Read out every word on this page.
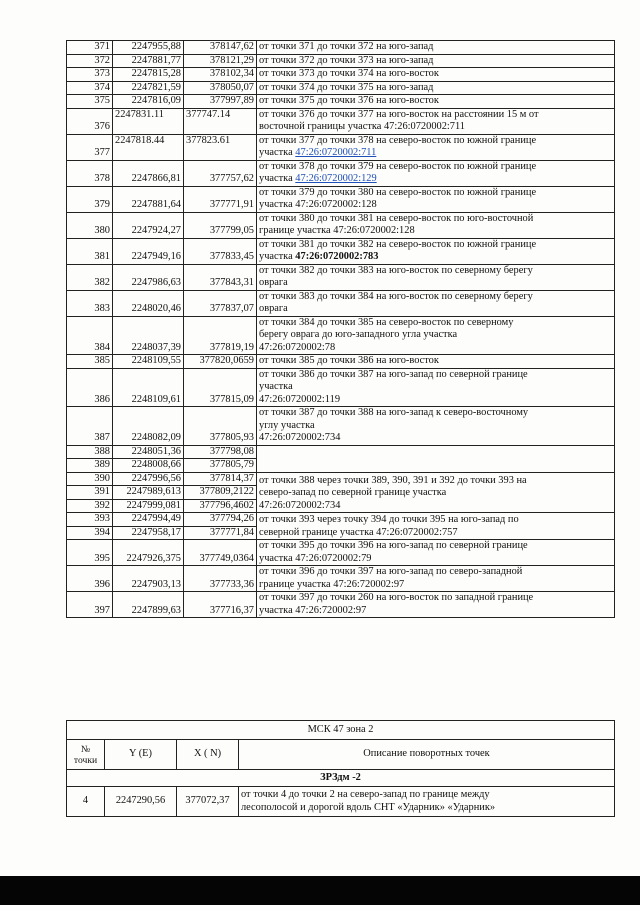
371	2247955,88	378147,62	от точки 371 до точки 372 на юго-запад
372	2247881,77	378121,29	от точки 372 до точки 373 на юго-запад
373	2247815,28	378102,34	от точки 373 до точки 374 на юго-восток
374	2247821,59	378050,07	от точки 374 до точки 375 на юго-запад
375	2247816,09	377997,89	от точки 375 до точки 376 на юго-восток
376	2247831.11	377747.14	от точки 376 до точки 377 на юго-восток на расстоянии 15 м от
восточной границы участка 47:26:0720002:711
377	2247818.44	377823.61	от точки 377 до точки 378 на северо-восток по южной границе
участка 47:26:0720002:711
378	2247866,81	377757,62	от точки 378 до точки 379 на северо-восток по южной границе
участка 47:26:0720002:129
379	2247881,64	377771,91	от точки 379 до точки 380 на северо-восток по южной границе
участка 47:26:0720002:128
380	2247924,27	377799,05	от точки 380 до точки 381 на северо-восток по юго-восточной
границе участка 47:26:0720002:128
381	2247949,16	377833,45	от точки 381 до точки 382 на северо-восток по южной границе
участка 47:26:0720002:783
382	2247986,63	377843,31	от точки 382 до точки 383 на юго-восток по северному берегу
оврага
383	2248020,46	377837,07	от точки 383 до точки 384 на юго-восток по северному берегу
оврага
384	2248037,39	377819,19	от точки 384 до точки 385 на северо-восток по северному
берегу оврага до юго-западного угла участка
47:26:0720002:78
385	2248109,55	377820,0659	от точки 385 до точки 386 на юго-восток
386	2248109,61	377815,09	от точки 386 до точки 387 на юго-запад по северной границе
участка
47:26:0720002:119
387	2248082,09	377805,93	от точки 387 до точки 388 на юго-запад к северо-восточному
углу участка
47:26:0720002:734
388	2248051,36	377798,08	
389	2248008,66	377805,79	
390	2247996,56	377814,37	от точки 388 через точки 389, 390, 391 и 392 до точки 393 на
северо-запад по северной границе участка
47:26:0720002:734
391	2247989,613	377809,2122	
392	2247999,081	377796,4602	
393	2247994,49	377794,26	от точки 393 через точку 394 до точки 395 на юго-запад по
северной границе участка 47:26:0720002:757
394	2247958,17	377771,84	
395	2247926,375	377749,0364	от точки 395 до точки 396 на юго-запад по северной границе
участка 47:26:0720002:79
396	2247903,13	377733,36	от точки 396 до точки 397 на юго-запад по северо-западной
границе участка 47:26:720002:97
397	2247899,63	377716,37	от точки 397 до точки 260 на юго-восток по западной границе
участка 47:26:720002:97
МСК 47 зона 2			
№
точки	Y (E)	X ( N)	Описание поворотных точек
ЗРЗдм -2			
4	2247290,56	377072,37	от точки 4 до точки 2 на северо-запад по границе между
лесополосой и дорогой вдоль СНТ «Ударник» «Ударник»
